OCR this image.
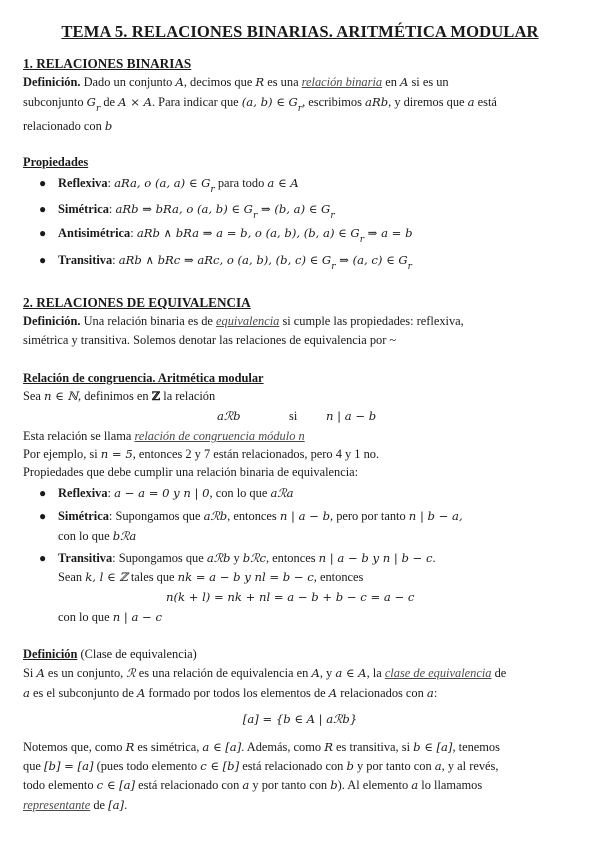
TEMA 5. RELACIONES BINARIAS. ARITMÉTICA MODULAR
1. RELACIONES BINARIAS
Definición. Dado un conjunto A, decimos que R es una relación binaria en A si es un
subconjunto $G_r$ de A × A. Para indicar que (a, b) ∈ $G_r$, escribimos aRb, y diremos que a está
relacionado con b
Propiedades
● Reflexiva: aRa, o (a, a) ∈ $G_r$ para todo a ∈ A
● Simétrica: aRb ⇒ bRa, o (a, b) ∈ $G_r$ ⇒ (b, a) ∈ $G_r$
● Antisimétrica: aRb ∧ bRa ⇒ a = b, o (a, b), (b, a) ∈ $G_r$ ⇒ a = b
● Transitiva: aRb ∧ bRc ⇒ aRc, o (a, b), (b, c) ∈ $G_r$ ⇒ (a, c) ∈ $G_r$
2. RELACIONES DE EQUIVALENCIA
Definición. Una relación binaria es de equivalencia si cumple las propiedades: reflexiva,
simétrica y transitiva. Solemos denotar las relaciones de equivalencia por ~
Relación de congruencia. Aritmética modular
Sea n ∈ ℕ, definimos en ℤ la relación
aℛb	si n | a − b
Esta relación se llama relación de congruencia módulo n
Por ejemplo, si n = 5, entonces 2 y 7 están relacionados, pero 4 y 1 no.
Propiedades que debe cumplir una relación binaria de equivalencia:
● Reflexiva: a − a = 0 y n | 0, con lo que aℛa
● Simétrica: Supongamos que aℛb, entonces n | a − b, pero por tanto n | b − a,
con lo que bℛa
● Transitiva: Supongamos que aℛb y bℛc, entonces n | a − b y n | b − c.
Sean k, l ∈ ℤ tales que nk = a − b y nl = b − c, entonces
n(k + l) = nk + nl = a − b + b − c = a − c
con lo que n | a − c
Definición (Clase de equivalencia)
Si A es un conjunto, ℛ es una relación de equivalencia en A, y a ∈ A, la clase de equivalencia de
a es el subconjunto de A formado por todos los elementos de A relacionados con a:
[a] = {b ∈ A | aℛb}
Notemos que, como R es simétrica, a ∈ [a]. Además, como R es transitiva, si b ∈ [a], tenemos
que [b] = [a] (pues todo elemento c ∈ [b] está relacionado con b y por tanto con a, y al revés,
todo elemento c ∈ [a] está relacionado con a y por tanto con b). Al elemento a lo llamamos
representante de [a].
